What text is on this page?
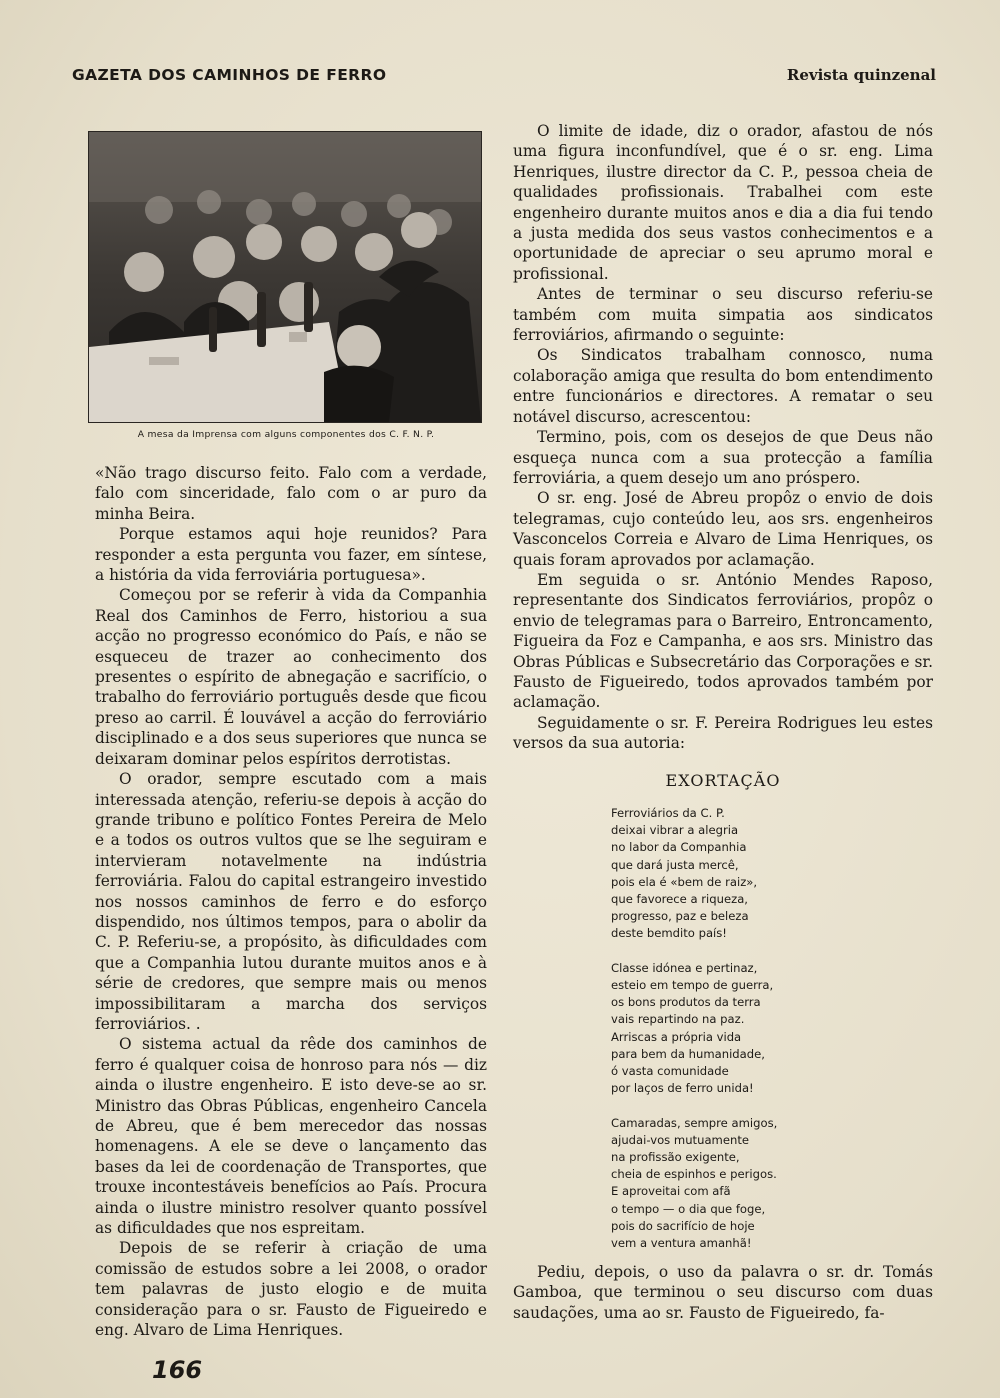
GAZETA DOS CAMINHOS DE FERRO	Revista quinzenal
A mesa da Imprensa com alguns componentes dos C. F. N. P.

«Não trago discurso feito. Falo com a verdade, falo com sinceridade, falo com o ar puro da minha Beira.

Porque estamos aqui hoje reunidos? Para responder a esta pergunta vou fazer, em síntese, a história da vida ferroviária portuguesa».

Começou por se referir à vida da Companhia Real dos Caminhos de Ferro, historiou a sua acção no progresso económico do País, e não se esqueceu de trazer ao conhecimento dos presentes o espírito de abnegação e sacrifício, o trabalho do ferroviário português desde que ficou preso ao carril. É louvável a acção do ferroviário disciplinado e a dos seus superiores que nunca se deixaram dominar pelos espíritos derrotistas.

O orador, sempre escutado com a mais interessada atenção, referiu-se depois à acção do grande tribuno e político Fontes Pereira de Melo e a todos os outros vultos que se lhe seguiram e intervieram notavelmente na indústria ferroviária. Falou do capital estrangeiro investido nos nossos caminhos de ferro e do esforço dispendido, nos últimos tempos, para o abolir da C. P. Referiu-se, a propósito, às dificuldades com que a Companhia lutou durante muitos anos e à série de credores, que sempre mais ou menos impossibilitaram a marcha dos serviços ferroviários. .

O sistema actual da rêde dos caminhos de ferro é qualquer coisa de honroso para nós — diz ainda o ilustre engenheiro. E isto deve-se ao sr. Ministro das Obras Públicas, engenheiro Cancela de Abreu, que é bem merecedor das nossas homenagens. A ele se deve o lançamento das bases da lei de coordenação de Transportes, que trouxe incontestáveis benefícios ao País. Procura ainda o ilustre ministro resolver quanto possível as dificuldades que nos espreitam.

Depois de se referir à criação de uma comissão de estudos sobre a lei 2008, o orador tem palavras de justo elogio e de muita consideração para o sr. Fausto de Figueiredo e eng. Alvaro de Lima Henriques.

O limite de idade, diz o orador, afastou de nós uma figura inconfundível, que é o sr. eng. Lima Henriques, ilustre director da C. P., pessoa cheia de qualidades profissionais. Trabalhei com este engenheiro durante muitos anos e dia a dia fui tendo a justa medida dos seus vastos conhecimentos e a oportunidade de apreciar o seu aprumo moral e profissional.

Antes de terminar o seu discurso referiu-se também com muita simpatia aos sindicatos ferroviários, afirmando o seguinte:

Os Sindicatos trabalham connosco, numa colaboração amiga que resulta do bom entendimento entre funcionários e directores. A rematar o seu notável discurso, acrescentou:

Termino, pois, com os desejos de que Deus não esqueça nunca com a sua protecção a família ferroviária, a quem desejo um ano próspero.

O sr. eng. José de Abreu propôz o envio de dois telegramas, cujo conteúdo leu, aos srs. engenheiros Vasconcelos Correia e Alvaro de Lima Henriques, os quais foram aprovados por aclamação.

Em seguida o sr. António Mendes Raposo, representante dos Sindicatos ferroviários, propôz o envio de telegramas para o Barreiro, Entroncamento, Figueira da Foz e Campanha, e aos srs. Ministro das Obras Públicas e Subsecretário das Corporações e sr. Fausto de Figueiredo, todos aprovados também por aclamação.

Seguidamente o sr. F. Pereira Rodrigues leu estes versos da sua autoria:

EXORTAÇÃO
Ferroviários da C. P.
deixai vibrar a alegria
no labor da Companhia
que dará justa mercê,
pois ela é «bem de raiz»,
que favorece a riqueza,
progresso, paz e beleza
deste bemdito país!
Classe idónea e pertinaz,
esteio em tempo de guerra,
os bons produtos da terra
vais repartindo na paz.
Arriscas a própria vida
para bem da humanidade,
ó vasta comunidade
por laços de ferro unida!
Camaradas, sempre amigos,
ajudai-vos mutuamente
na profissão exigente,
cheia de espinhos e perigos.
E aproveitai com afã
o tempo — o dia que foge,
pois do sacrifício de hoje
vem a ventura amanhã!

Pediu, depois, o uso da palavra o sr. dr. Tomás Gamboa, que terminou o seu discurso com duas saudações, uma ao sr. Fausto de Figueiredo, fa-

166
